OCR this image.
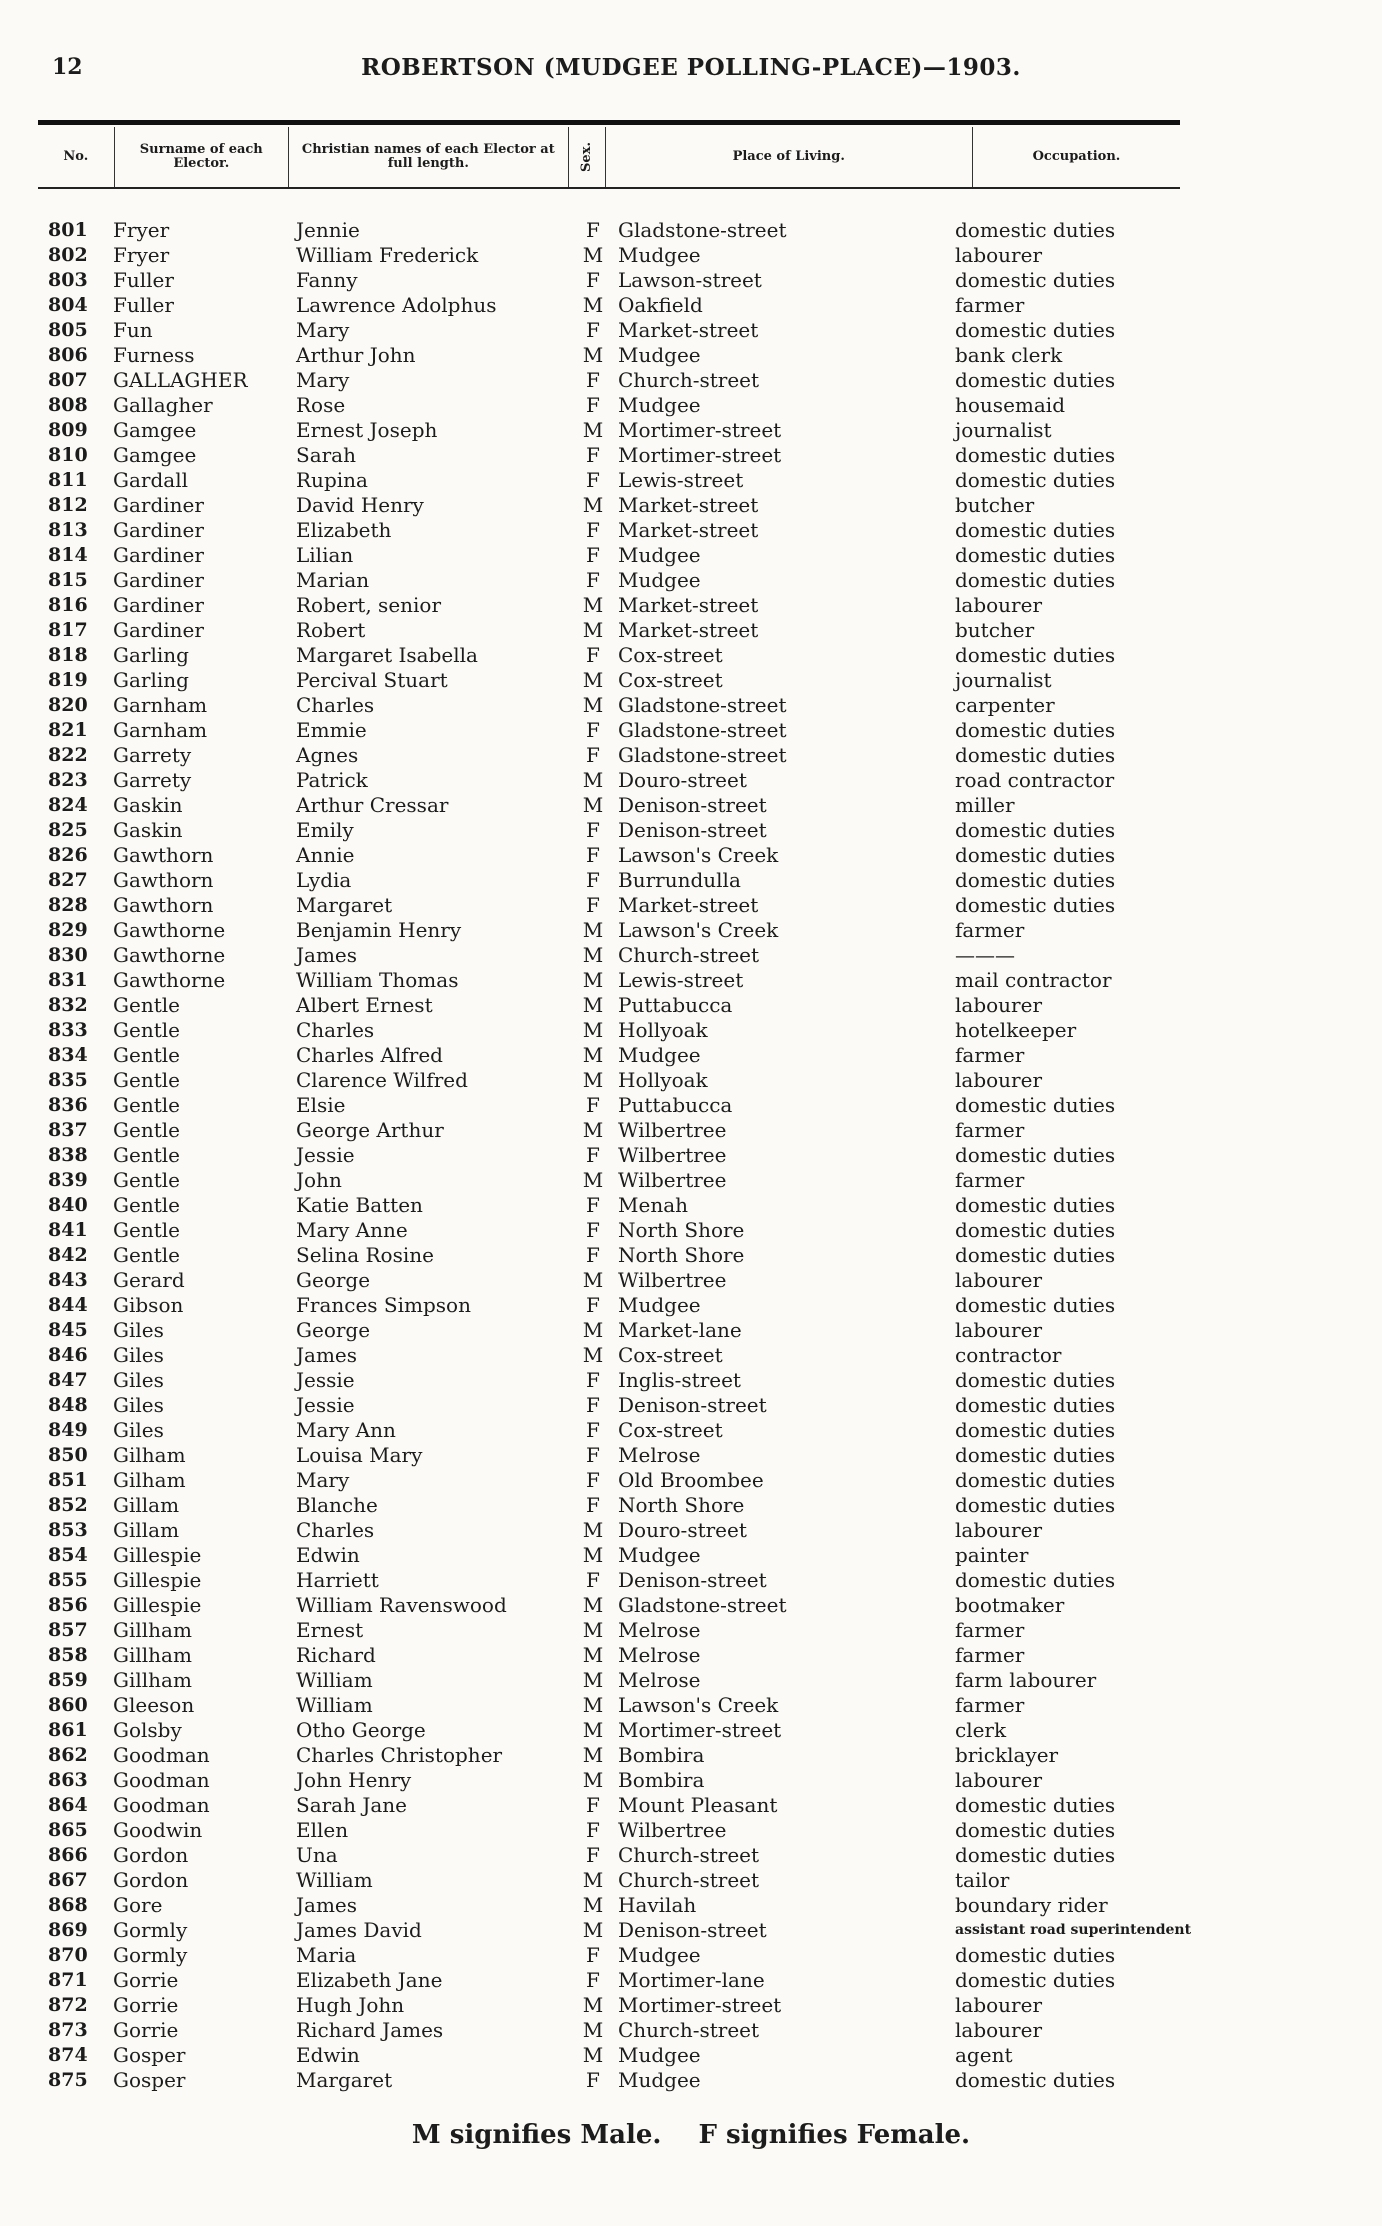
12	ROBERTSON (MUDGEE POLLING-PLACE)—1903.
No.	Surname of each Elector.
Christian names of each Elector at full length.	Sex.	Place of Living.	Occupation.
801 Fryer	Jennie	F Gladstone-street	domestic duties
802 Fryer	William Frederick	M Mudgee	labourer
803 Fuller	Fanny	F Lawson-street	domestic duties
804 Fuller	Lawrence Adolphus	M Oakfield	farmer
805 Fun	Mary	F Market-street	domestic duties
806 Furness	Arthur John	M Mudgee	bank clerk
807 GALLAGHER Mary	F Church-street	domestic duties
808 Gallagher	Rose	F Mudgee	housemaid
809 Gamgee	Ernest Joseph	M Mortimer-street	journalist
810 Gamgee	Sarah	F Mortimer-street	domestic duties
811 Gardall	Rupina	F Lewis-street	domestic duties
812 Gardiner	David Henry	M Market-street	butcher
813 Gardiner	Elizabeth	F Market-street	domestic duties
814 Gardiner	Lilian	F Mudgee	domestic duties
815 Gardiner	Marian	F Mudgee	domestic duties
816 Gardiner	Robert, senior	M Market-street	labourer
817 Gardiner	Robert	M Market-street	butcher
818 Garling	Margaret Isabella	F Cox-street	domestic duties
819 Garling	Percival Stuart	M Cox-street	journalist
820 Garnham	Charles	M Gladstone-street	carpenter
821 Garnham	Emmie	F Gladstone-street	domestic duties
822 Garrety	Agnes	F Gladstone-street	domestic duties
823 Garrety	Patrick	M Douro-street	road contractor
824 Gaskin	Arthur Cressar	M Denison-street	miller
825 Gaskin	Emily	F Denison-street	domestic duties
826 Gawthorn	Annie	F Lawson's Creek	domestic duties
827 Gawthorn	Lydia	F Burrundulla	domestic duties
828 Gawthorn	Margaret	F Market-street	domestic duties
829 Gawthorne	Benjamin Henry	M Lawson's Creek	farmer
830 Gawthorne	James	M Church-street	———
831 Gawthorne	William Thomas	M Lewis-street	mail contractor
832 Gentle	Albert Ernest	M Puttabucca	labourer
833 Gentle	Charles	M Hollyoak	hotelkeeper
834 Gentle	Charles Alfred	M Mudgee	farmer
835 Gentle	Clarence Wilfred	M Hollyoak	labourer
836 Gentle	Elsie	F Puttabucca	domestic duties
837 Gentle	George Arthur	M Wilbertree	farmer
838 Gentle	Jessie	F Wilbertree	domestic duties
839 Gentle	John	M Wilbertree	farmer
840 Gentle	Katie Batten	F Menah	domestic duties
841 Gentle	Mary Anne	F North Shore	domestic duties
842 Gentle	Selina Rosine	F North Shore	domestic duties
843 Gerard	George	M Wilbertree	labourer
844 Gibson	Frances Simpson	F Mudgee	domestic duties
845 Giles	George	M Market-lane	labourer
846 Giles	James	M Cox-street	contractor
847 Giles	Jessie	F Inglis-street	domestic duties
848 Giles	Jessie	F Denison-street	domestic duties
849 Giles	Mary Ann	F Cox-street	domestic duties
850 Gilham	Louisa Mary	F Melrose	domestic duties
851 Gilham	Mary	F Old Broombee	domestic duties
852 Gillam	Blanche	F North Shore	domestic duties
853 Gillam	Charles	M Douro-street	labourer
854 Gillespie	Edwin	M Mudgee	painter
855 Gillespie	Harriett	F Denison-street	domestic duties
856 Gillespie	William Ravenswood	M Gladstone-street	bootmaker
857 Gillham	Ernest	M Melrose	farmer
858 Gillham	Richard	M Melrose	farmer
859 Gillham	William	M Melrose	farm labourer
860 Gleeson	William	M Lawson's Creek	farmer
861 Golsby	Otho George	M Mortimer-street	clerk
862 Goodman	Charles Christopher	M Bombira	bricklayer
863 Goodman	John Henry	M Bombira	labourer
864 Goodman	Sarah Jane	F Mount Pleasant	domestic duties
865 Goodwin	Ellen	F Wilbertree	domestic duties
866 Gordon	Una	F Church-street	domestic duties
867 Gordon	William	M Church-street	tailor
868 Gore	James	M Havilah	boundary rider
869 Gormly	James David	M Denison-street	assistant road superintendent
870 Gormly	Maria	F Mudgee	domestic duties
871 Gorrie	Elizabeth Jane	F Mortimer-lane	domestic duties
872 Gorrie	Hugh John	M Mortimer-street	labourer
873 Gorrie	Richard James	M Church-street	labourer
874 Gosper	Edwin	M Mudgee	agent
875 Gosper	Margaret	F Mudgee	domestic duties
M signifies Male. F signifies Female.
